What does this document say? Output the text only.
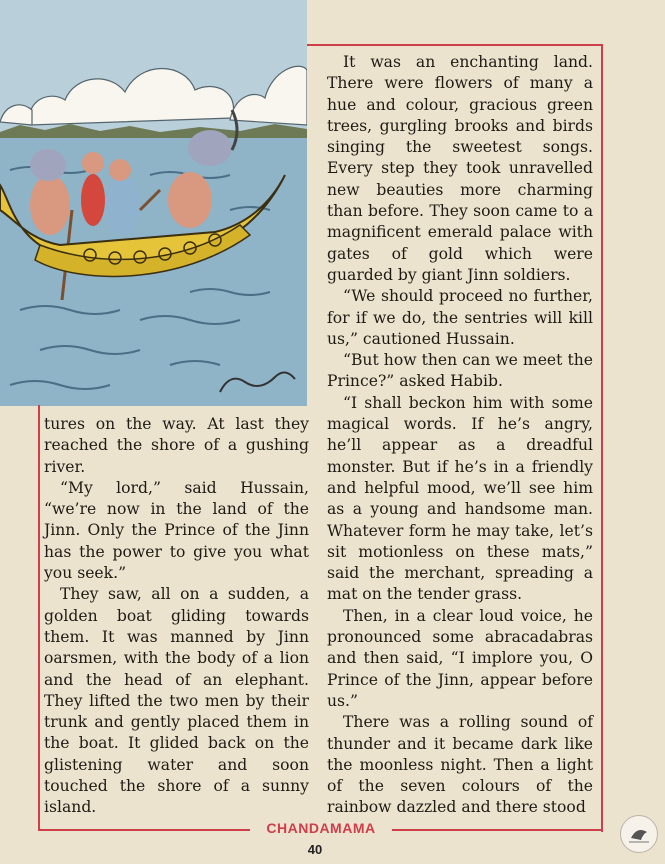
tures on the way. At last they reached the shore of a gushing river.

“My lord,” said Hussain, “we’re now in the land of the Jinn. Only the Prince of the Jinn has the power to give you what you seek.”

They saw, all on a sudden, a golden boat gliding towards them. It was manned by Jinn oarsmen, with the body of a lion and the head of an elephant. They lifted the two men by their trunk and gently placed them in the boat. It glided back on the glistening water and soon touched the shore of a sunny island.

It was an enchanting land. There were flowers of many a hue and colour, gracious green trees, gurgling brooks and birds singing the sweetest songs. Every step they took unravelled new beauties more charming than before. They soon came to a magnificent emerald palace with gates of gold which were guarded by giant Jinn soldiers.

“We should proceed no further, for if we do, the sentries will kill us,” cautioned Hussain.

“But how then can we meet the Prince?” asked Habib.

“I shall beckon him with some magical words. If he’s angry, he’ll appear as a dreadful monster. But if he’s in a friendly and helpful mood, we’ll see him as a young and handsome man. Whatever form he may take, let’s sit motionless on these mats,” said the merchant, spreading a mat on the tender grass.

Then, in a clear loud voice, he pronounced some abracadabras and then said, “I implore you, O Prince of the Jinn, appear before us.”

There was a rolling sound of thunder and it became dark like the moonless night. Then a light of the seven colours of the rainbow dazzled and there stood

CHANDAMAMA
40
